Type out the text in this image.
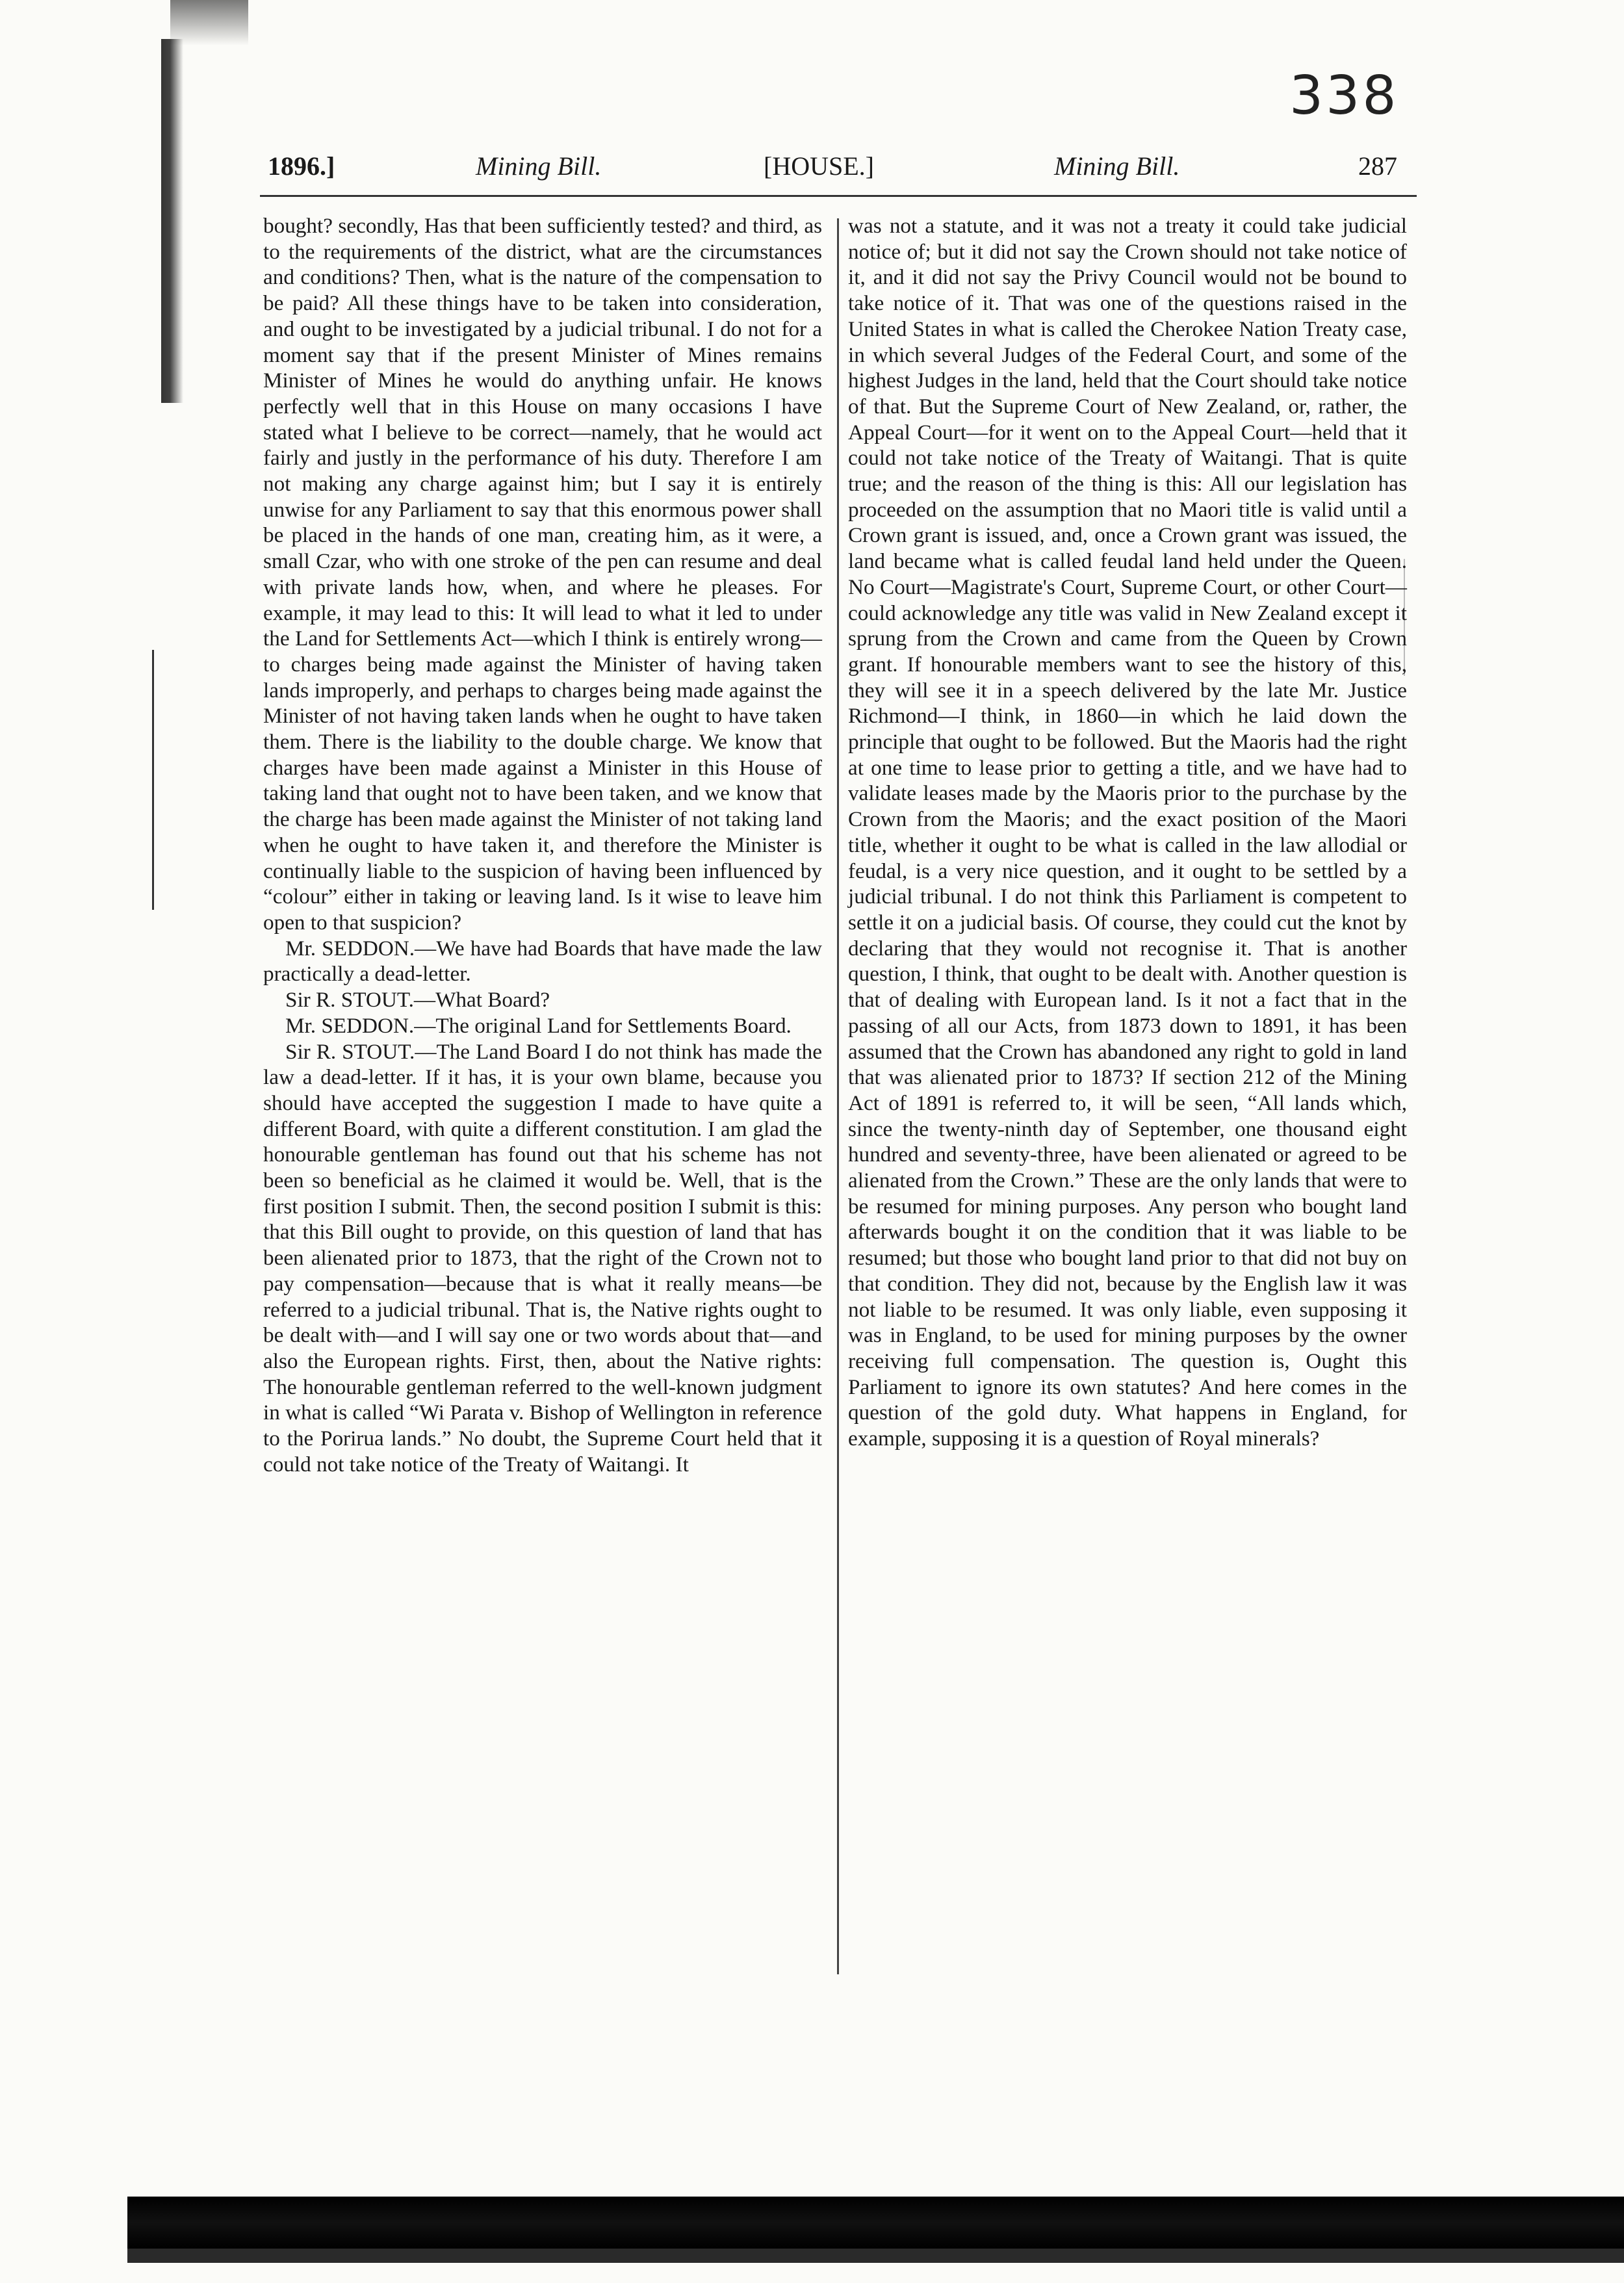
338
1896.]	Mining Bill.	[HOUSE.]	Mining Bill.	287

bought? secondly, Has that been sufficiently tested? and third, as to the requirements of the district, what are the circumstances and conditions? Then, what is the nature of the compensation to be paid? All these things have to be taken into consideration, and ought to be investigated by a judicial tribunal. I do not for a moment say that if the present Minister of Mines remains Minister of Mines he would do anything unfair. He knows perfectly well that in this House on many occasions I have stated what I believe to be correct—namely, that he would act fairly and justly in the performance of his duty. Therefore I am not making any charge against him; but I say it is entirely unwise for any Parliament to say that this enormous power shall be placed in the hands of one man, creating him, as it were, a small Czar, who with one stroke of the pen can resume and deal with private lands how, when, and where he pleases. For example, it may lead to this: It will lead to what it led to under the Land for Settlements Act—which I think is entirely wrong— to charges being made against the Minister of having taken lands improperly, and perhaps to charges being made against the Minister of not having taken lands when he ought to have taken them. There is the liability to the double charge. We know that charges have been made against a Minister in this House of taking land that ought not to have been taken, and we know that the charge has been made against the Minister of not taking land when he ought to have taken it, and therefore the Minister is continually liable to the suspicion of having been influenced by “colour” either in taking or leaving land. Is it wise to leave him open to that suspicion?

Mr. SEDDON.—We have had Boards that have made the law practically a dead-letter.

Sir R. STOUT.—What Board?

Mr. SEDDON.—The original Land for Settlements Board.

Sir R. STOUT.—The Land Board I do not think has made the law a dead-letter. If it has, it is your own blame, because you should have accepted the suggestion I made to have quite a different Board, with quite a different constitution. I am glad the honourable gentleman has found out that his scheme has not been so beneficial as he claimed it would be. Well, that is the first position I submit. Then, the second position I submit is this: that this Bill ought to provide, on this question of land that has been alienated prior to 1873, that the right of the Crown not to pay compensation—because that is what it really means—be referred to a judicial tribunal. That is, the Native rights ought to be dealt with—and I will say one or two words about that—and also the European rights. First, then, about the Native rights: The honourable gentleman referred to the well-known judgment in what is called “Wi Parata v. Bishop of Wellington in reference to the Porirua lands.” No doubt, the Supreme Court held that it could not take notice of the Treaty of Waitangi. It

was not a statute, and it was not a treaty it could take judicial notice of; but it did not say the Crown should not take notice of it, and it did not say the Privy Council would not be bound to take notice of it. That was one of the questions raised in the United States in what is called the Cherokee Nation Treaty case, in which several Judges of the Federal Court, and some of the highest Judges in the land, held that the Court should take notice of that. But the Supreme Court of New Zealand, or, rather, the Appeal Court—for it went on to the Appeal Court—held that it could not take notice of the Treaty of Waitangi. That is quite true; and the reason of the thing is this: All our legislation has proceeded on the assumption that no Maori title is valid until a Crown grant is issued, and, once a Crown grant was issued, the land became what is called feudal land held under the Queen. No Court—Magistrate's Court, Supreme Court, or other Court—could acknowledge any title was valid in New Zealand except it sprung from the Crown and came from the Queen by Crown grant. If honourable members want to see the history of this, they will see it in a speech delivered by the late Mr. Justice Richmond—I think, in 1860—in which he laid down the principle that ought to be followed. But the Maoris had the right at one time to lease prior to getting a title, and we have had to validate leases made by the Maoris prior to the purchase by the Crown from the Maoris; and the exact position of the Maori title, whether it ought to be what is called in the law allodial or feudal, is a very nice question, and it ought to be settled by a judicial tribunal. I do not think this Parliament is competent to settle it on a judicial basis. Of course, they could cut the knot by declaring that they would not recognise it. That is another question, I think, that ought to be dealt with. Another question is that of dealing with European land. Is it not a fact that in the passing of all our Acts, from 1873 down to 1891, it has been assumed that the Crown has abandoned any right to gold in land that was alienated prior to 1873? If section 212 of the Mining Act of 1891 is referred to, it will be seen, “All lands which, since the twenty-ninth day of September, one thousand eight hundred and seventy-three, have been alienated or agreed to be alienated from the Crown.” These are the only lands that were to be resumed for mining purposes. Any person who bought land afterwards bought it on the condition that it was liable to be resumed; but those who bought land prior to that did not buy on that condition. They did not, because by the English law it was not liable to be resumed. It was only liable, even supposing it was in England, to be used for mining purposes by the owner receiving full compensation. The question is, Ought this Parliament to ignore its own statutes? And here comes in the question of the gold duty. What happens in England, for example, supposing it is a question of Royal minerals?
